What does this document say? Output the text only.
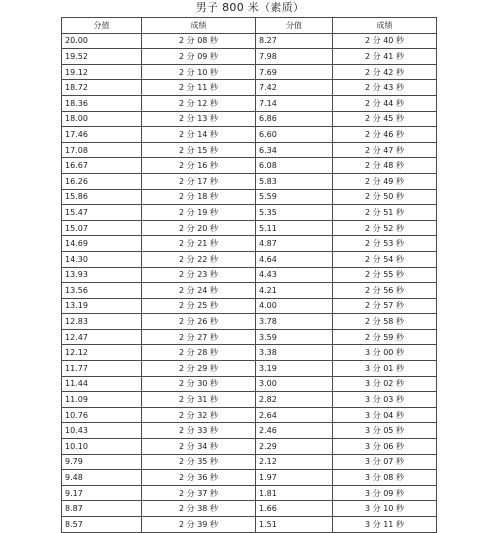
男子 800 米（素质）
分值	成绩	分值	成绩
20.00	2 分 08 秒	8.27	2 分 40 秒
19.52	2 分 09 秒	7.98	2 分 41 秒
19.12	2 分 10 秒	7.69	2 分 42 秒
18.72	2 分 11 秒	7.42	2 分 43 秒
18.36	2 分 12 秒	7.14	2 分 44 秒
18.00	2 分 13 秒	6.86	2 分 45 秒
17.46	2 分 14 秒	6.60	2 分 46 秒
17.08	2 分 15 秒	6.34	2 分 47 秒
16.67	2 分 16 秒	6.08	2 分 48 秒
16.26	2 分 17 秒	5.83	2 分 49 秒
15.86	2 分 18 秒	5.59	2 分 50 秒
15.47	2 分 19 秒	5.35	2 分 51 秒
15.07	2 分 20 秒	5.11	2 分 52 秒
14.69	2 分 21 秒	4.87	2 分 53 秒
14.30	2 分 22 秒	4.64	2 分 54 秒
13.93	2 分 23 秒	4.43	2 分 55 秒
13.56	2 分 24 秒	4.21	2 分 56 秒
13.19	2 分 25 秒	4.00	2 分 57 秒
12.83	2 分 26 秒	3.78	2 分 58 秒
12.47	2 分 27 秒	3.59	2 分 59 秒
12.12	2 分 28 秒	3.38	3 分 00 秒
11.77	2 分 29 秒	3.19	3 分 01 秒
11.44	2 分 30 秒	3.00	3 分 02 秒
11.09	2 分 31 秒	2.82	3 分 03 秒
10.76	2 分 32 秒	2.64	3 分 04 秒
10.43	2 分 33 秒	2.46	3 分 05 秒
10.10	2 分 34 秒	2.29	3 分 06 秒
9.79	2 分 35 秒	2.12	3 分 07 秒
9.48	2 分 36 秒	1.97	3 分 08 秒
9.17	2 分 37 秒	1.81	3 分 09 秒
8.87	2 分 38 秒	1.66	3 分 10 秒
8.57	2 分 39 秒	1.51	3 分 11 秒
